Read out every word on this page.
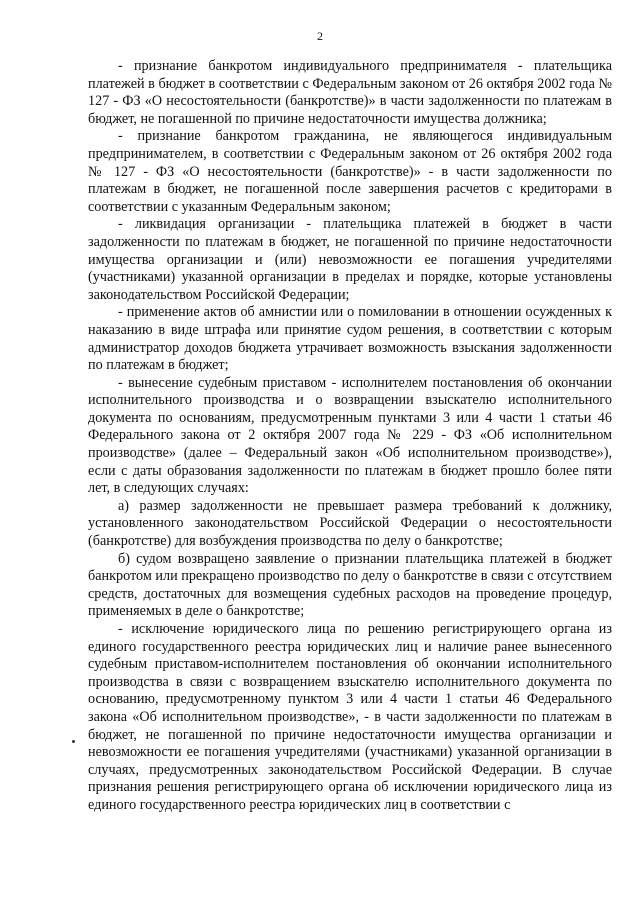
2

- признание банкротом индивидуального предпринимателя - плательщика платежей в бюджет в соответствии с Федеральным законом от 26 октября 2002 года № 127 - ФЗ «О несостоятельности (банкротстве)» в части задолженности по платежам в бюджет, не погашенной по причине недостаточности имущества должника;

- признание банкротом гражданина, не являющегося индивидуальным предпринимателем, в соответствии с Федеральным законом от 26 октября 2002 года № 127 - ФЗ «О несостоятельности (банкротстве)» - в части задолженности по платежам в бюджет, не погашенной после завершения расчетов с кредиторами в соответствии с указанным Федеральным законом;

- ликвидация организации - плательщика платежей в бюджет в части задолженности по платежам в бюджет, не погашенной по причине недостаточности имущества организации и (или) невозможности ее погашения учредителями (участниками) указанной организации в пределах и порядке, которые установлены законодательством Российской Федерации;

- применение актов об амнистии или о помиловании в отношении осужденных к наказанию в виде штрафа или принятие судом решения, в соответствии с которым администратор доходов бюджета утрачивает возможность взыскания задолженности по платежам в бюджет;

- вынесение судебным приставом - исполнителем постановления об окончании исполнительного производства и о возвращении взыскателю исполнительного документа по основаниям, предусмотренным пунктами 3 или 4 части 1 статьи 46 Федерального закона от 2 октября 2007 года № 229 - ФЗ «Об исполнительном производстве» (далее – Федеральный закон «Об исполнительном производстве»), если с даты образования задолженности по платежам в бюджет прошло более пяти лет, в следующих случаях:

а) размер задолженности не превышает размера требований к должнику, установленного законодательством Российской Федерации о несостоятельности (банкротстве) для возбуждения производства по делу о банкротстве;

б) судом возвращено заявление о признании плательщика платежей в бюджет банкротом или прекращено производство по делу о банкротстве в связи с отсутствием средств, достаточных для возмещения судебных расходов на проведение процедур, применяемых в деле о банкротстве;

- исключение юридического лица по решению регистрирующего органа из единого государственного реестра юридических лиц и наличие ранее вынесенного судебным приставом-исполнителем постановления об окончании исполнительного производства в связи с возвращением взыскателю исполнительного документа по основанию, предусмотренному пунктом 3 или 4 части 1 статьи 46 Федерального закона «Об исполнительном производстве», - в части задолженности по платежам в бюджет, не погашенной по причине недостаточности имущества организации и невозможности ее погашения учредителями (участниками) указанной организации в случаях, предусмотренных законодательством Российской Федерации. В случае признания решения регистрирующего органа об исключении юридического лица из единого государственного реестра юридических лиц в соответствии с
